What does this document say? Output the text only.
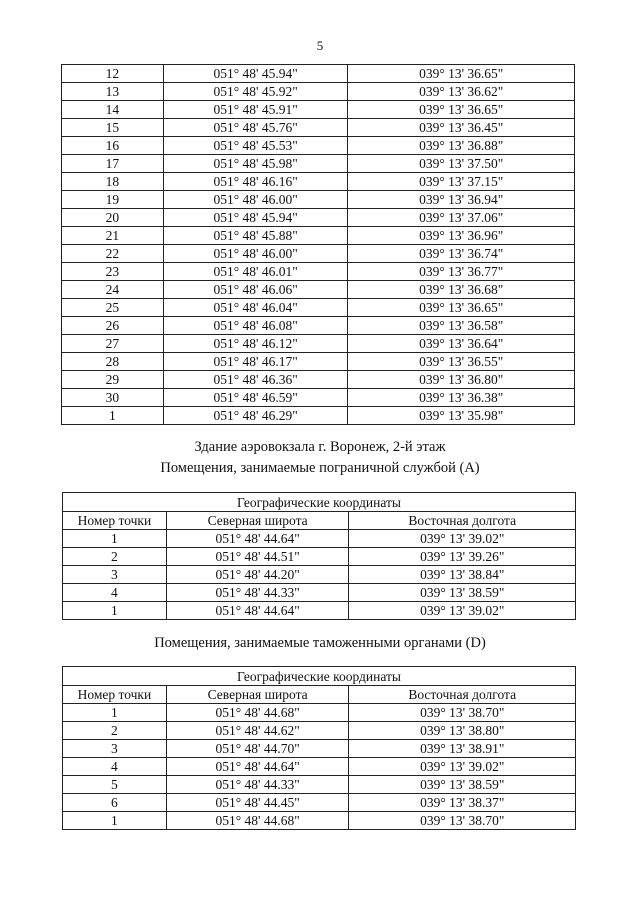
5
12	051° 48' 45.94"	039° 13' 36.65"
13	051° 48' 45.92"	039° 13' 36.62"
14	051° 48' 45.91"	039° 13' 36.65"
15	051° 48' 45.76"	039° 13' 36.45"
16	051° 48' 45.53"	039° 13' 36.88"
17	051° 48' 45.98"	039° 13' 37.50"
18	051° 48' 46.16"	039° 13' 37.15"
19	051° 48' 46.00"	039° 13' 36.94"
20	051° 48' 45.94"	039° 13' 37.06"
21	051° 48' 45.88"	039° 13' 36.96"
22	051° 48' 46.00"	039° 13' 36.74"
23	051° 48' 46.01"	039° 13' 36.77"
24	051° 48' 46.06"	039° 13' 36.68"
25	051° 48' 46.04"	039° 13' 36.65"
26	051° 48' 46.08"	039° 13' 36.58"
27	051° 48' 46.12"	039° 13' 36.64"
28	051° 48' 46.17"	039° 13' 36.55"
29	051° 48' 46.36"	039° 13' 36.80"
30	051° 48' 46.59"	039° 13' 36.38"
1	051° 48' 46.29"	039° 13' 35.98"
Здание аэровокзала г. Воронеж, 2-й этаж
Помещения, занимаемые пограничной службой (A)
Географические координаты		
Номер точки	Северная широта	Восточная долгота
1	051° 48' 44.64"	039° 13' 39.02"
2	051° 48' 44.51"	039° 13' 39.26"
3	051° 48' 44.20"	039° 13' 38.84"
4	051° 48' 44.33"	039° 13' 38.59"
1	051° 48' 44.64"	039° 13' 39.02"
Помещения, занимаемые таможенными органами (D)
Географические координаты		
Номер точки	Северная широта	Восточная долгота
1	051° 48' 44.68"	039° 13' 38.70"
2	051° 48' 44.62"	039° 13' 38.80"
3	051° 48' 44.70"	039° 13' 38.91"
4	051° 48' 44.64"	039° 13' 39.02"
5	051° 48' 44.33"	039° 13' 38.59"
6	051° 48' 44.45"	039° 13' 38.37"
1	051° 48' 44.68"	039° 13' 38.70"
